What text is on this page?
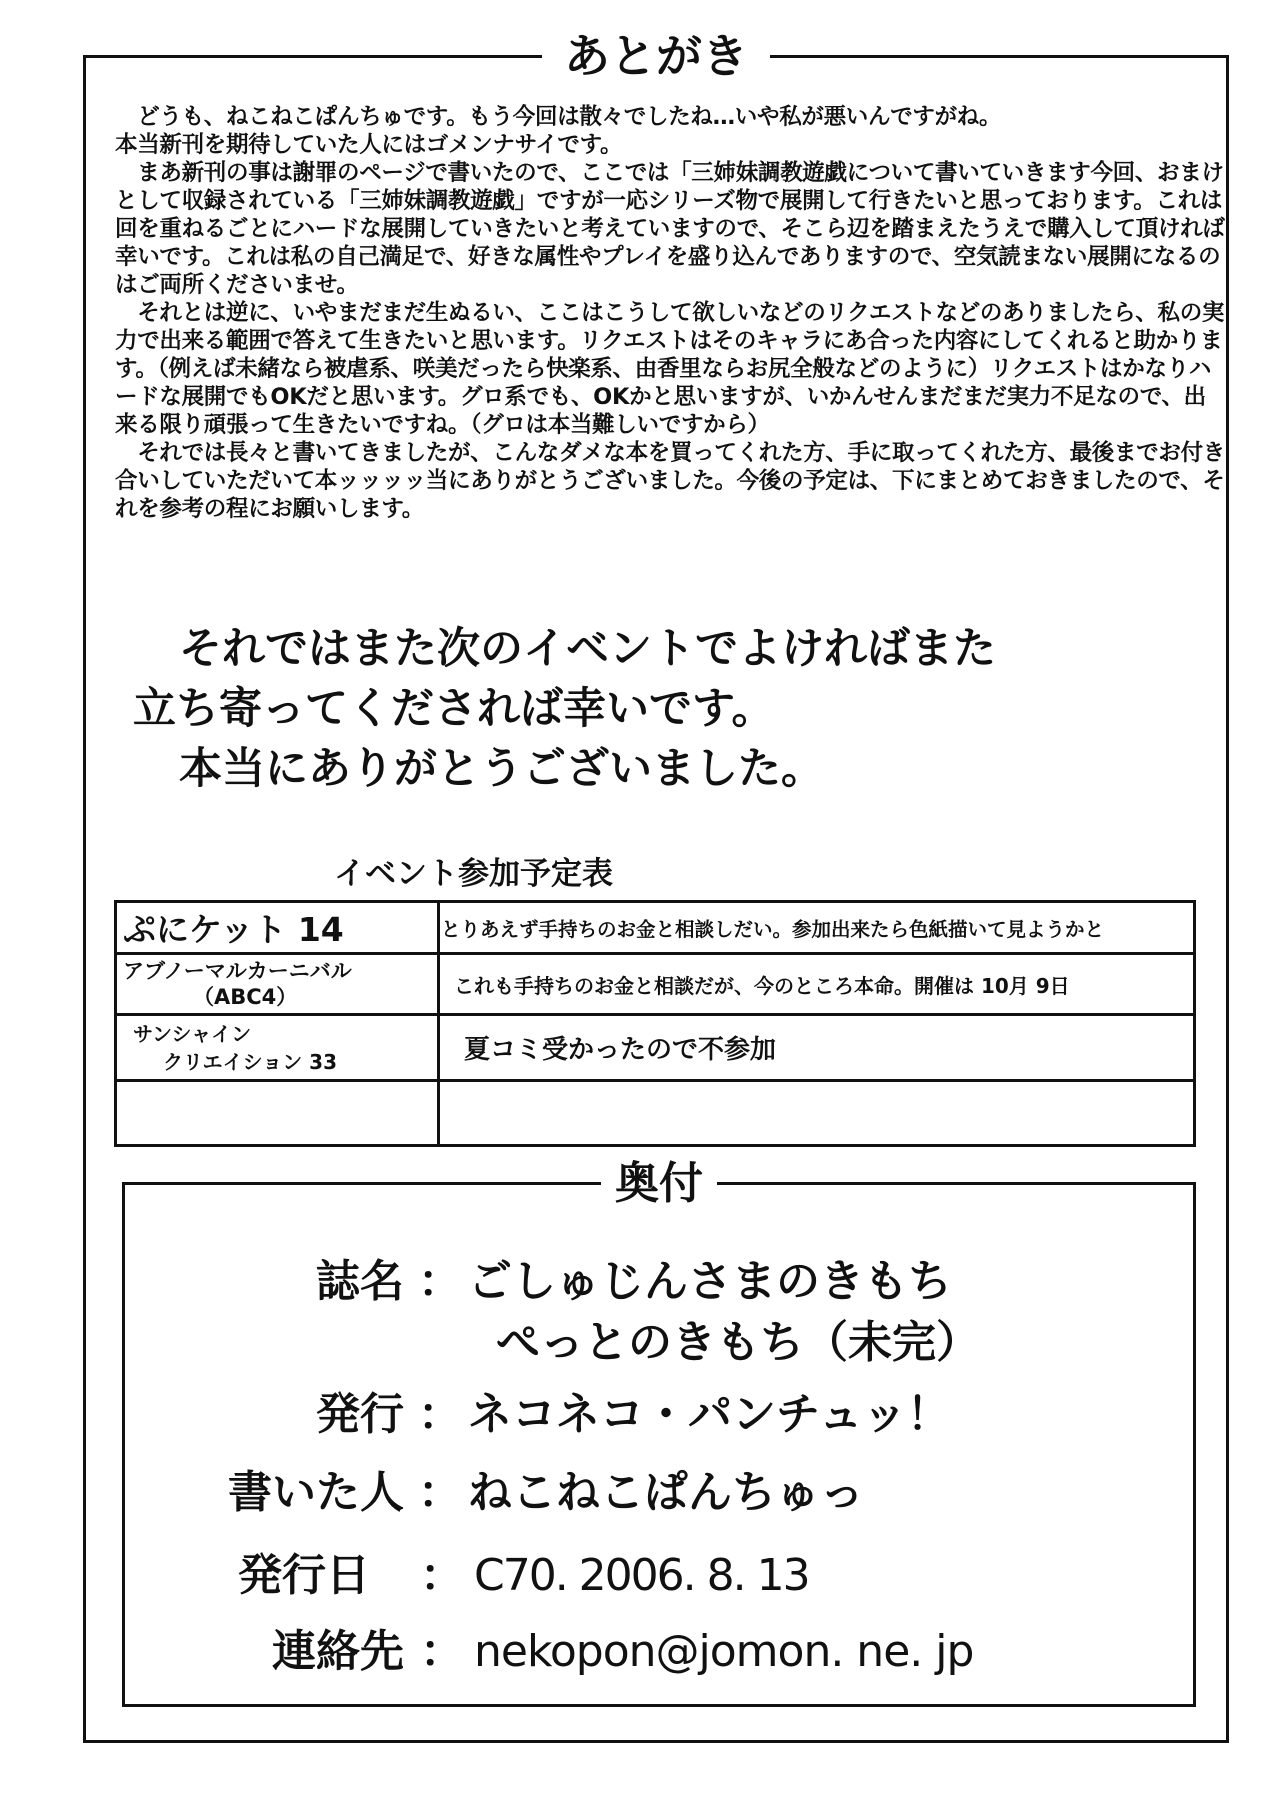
あとがき

　どうも、ねこねこぱんちゅです。もう今回は散々でしたね…いや私が悪いんですがね。

本当新刊を期待していた人にはゴメンナサイです。

　まあ新刊の事は謝罪のページで書いたので、ここでは「三姉妹調教遊戯について書いていきます今回、おまけとして収録されている「三姉妹調教遊戯」ですが一応シリーズ物で展開して行きたいと思っております。これは回を重ねるごとにハードな展開していきたいと考えていますので、そこら辺を踏まえたうえで購入して頂ければ幸いです。これは私の自己満足で、好きな属性やプレイを盛り込んでありますので、空気読まない展開になるのはご両所くださいませ。

　それとは逆に、いやまだまだ生ぬるい、ここはこうして欲しいなどのリクエストなどのありましたら、私の実力で出来る範囲で答えて生きたいと思います。リクエストはそのキャラにあ合った内容にしてくれると助かります。（例えば未緒なら被虐系、咲美だったら快楽系、由香里ならお尻全般などのように）リクエストはかなりハードな展開でもOKだと思います。グロ系でも、OKかと思いますが、いかんせんまだまだ実力不足なので、出来る限り頑張って生きたいですね。（グロは本当難しいですから）

　それでは長々と書いてきましたが、こんなダメな本を買ってくれた方、手に取ってくれた方、最後までお付き合いしていただいて本ッッッッ当にありがとうございました。今後の予定は、下にまとめておきましたので、それを参考の程にお願いします。

それではまた次のイベントでよければまた
立ち寄ってくだされば幸いです。
本当にありがとうございました。
イベント参加予定表
ぷにケット 14	とりあえず手持ちのお金と相談しだい。参加出来たら色紙描いて見ようかと

アブノーマルカーニバル
（ABC4）	これも手持ちのお金と相談だが、今のところ本命。開催は 10月 9日

サンシャイン
クリエイション 33	夏コミ受かったので不参加

奥付
誌名 ： ごしゅじんさまのきもち
ぺっとのきもち（未完）
発行 ： ネコネコ・パンチュッ！
書いた人 ： ねこねこぱんちゅっ
発行日 ： C70. 2006. 8. 13
連絡先 ： nekopon@jomon. ne. jp
